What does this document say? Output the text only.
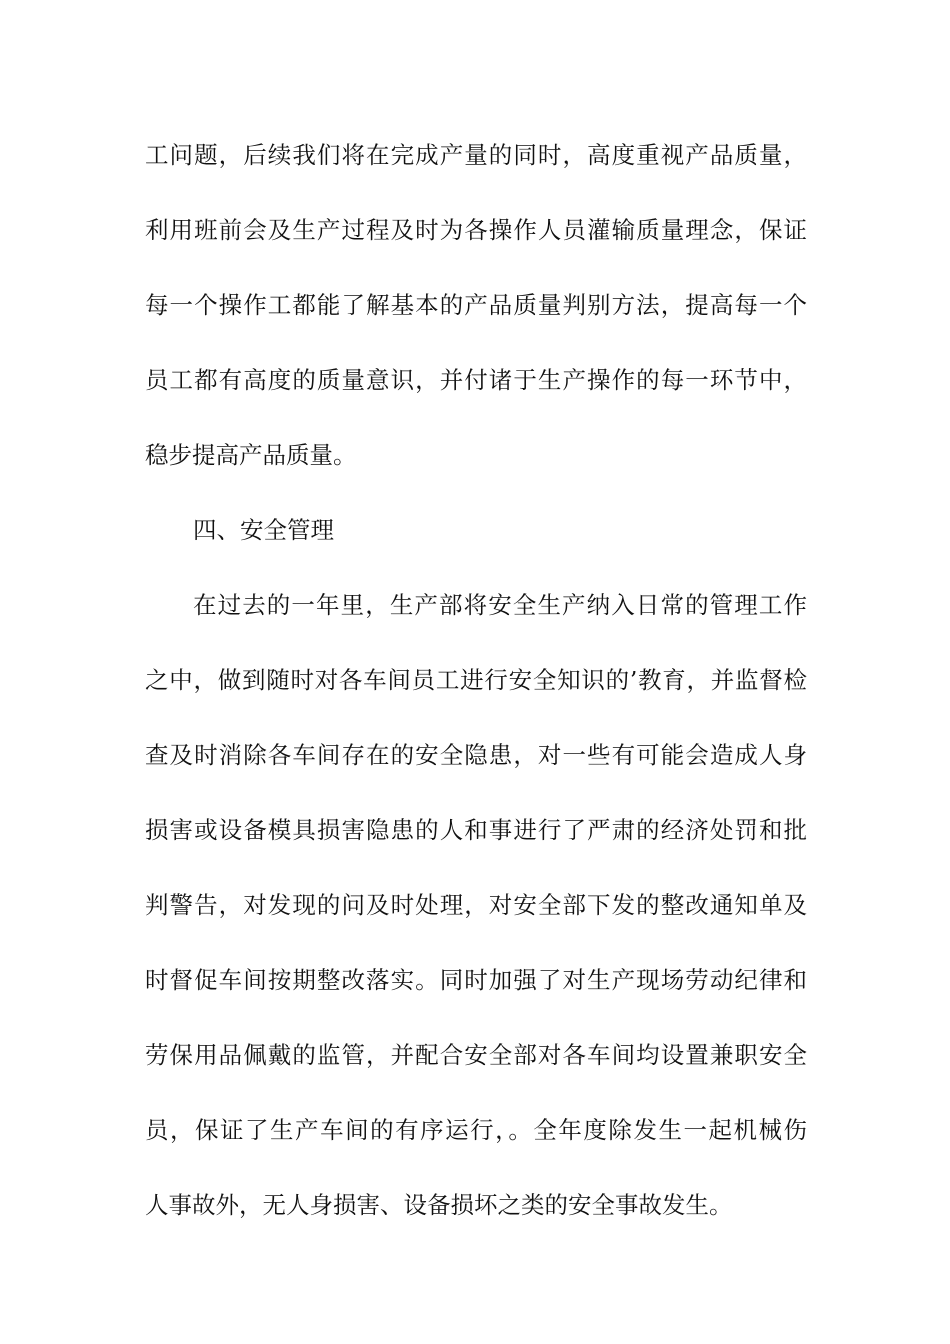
工问题，后续我们将在完成产量的同时，高度重视产品质量，
利用班前会及生产过程及时为各操作人员灌输质量理念，保证
每一个操作工都能了解基本的产品质量判别方法，提高每一个
员工都有高度的质量意识，并付诸于生产操作的每一环节中，
稳步提高产品质量。
四、安全管理
在过去的一年里，生产部将安全生产纳入日常的管理工作
之中，做到随时对各车间员工进行安全知识的’教育，并监督检
查及时消除各车间存在的安全隐患，对一些有可能会造成人身
损害或设备模具损害隐患的人和事进行了严肃的经济处罚和批
判警告，对发现的问及时处理，对安全部下发的整改通知单及
时督促车间按期整改落实。同时加强了对生产现场劳动纪律和
劳保用品佩戴的监管，并配合安全部对各车间均设置兼职安全
员，保证了生产车间的有序运行，。全年度除发生一起机械伤
人事故外，无人身损害、设备损坏之类的安全事故发生。
